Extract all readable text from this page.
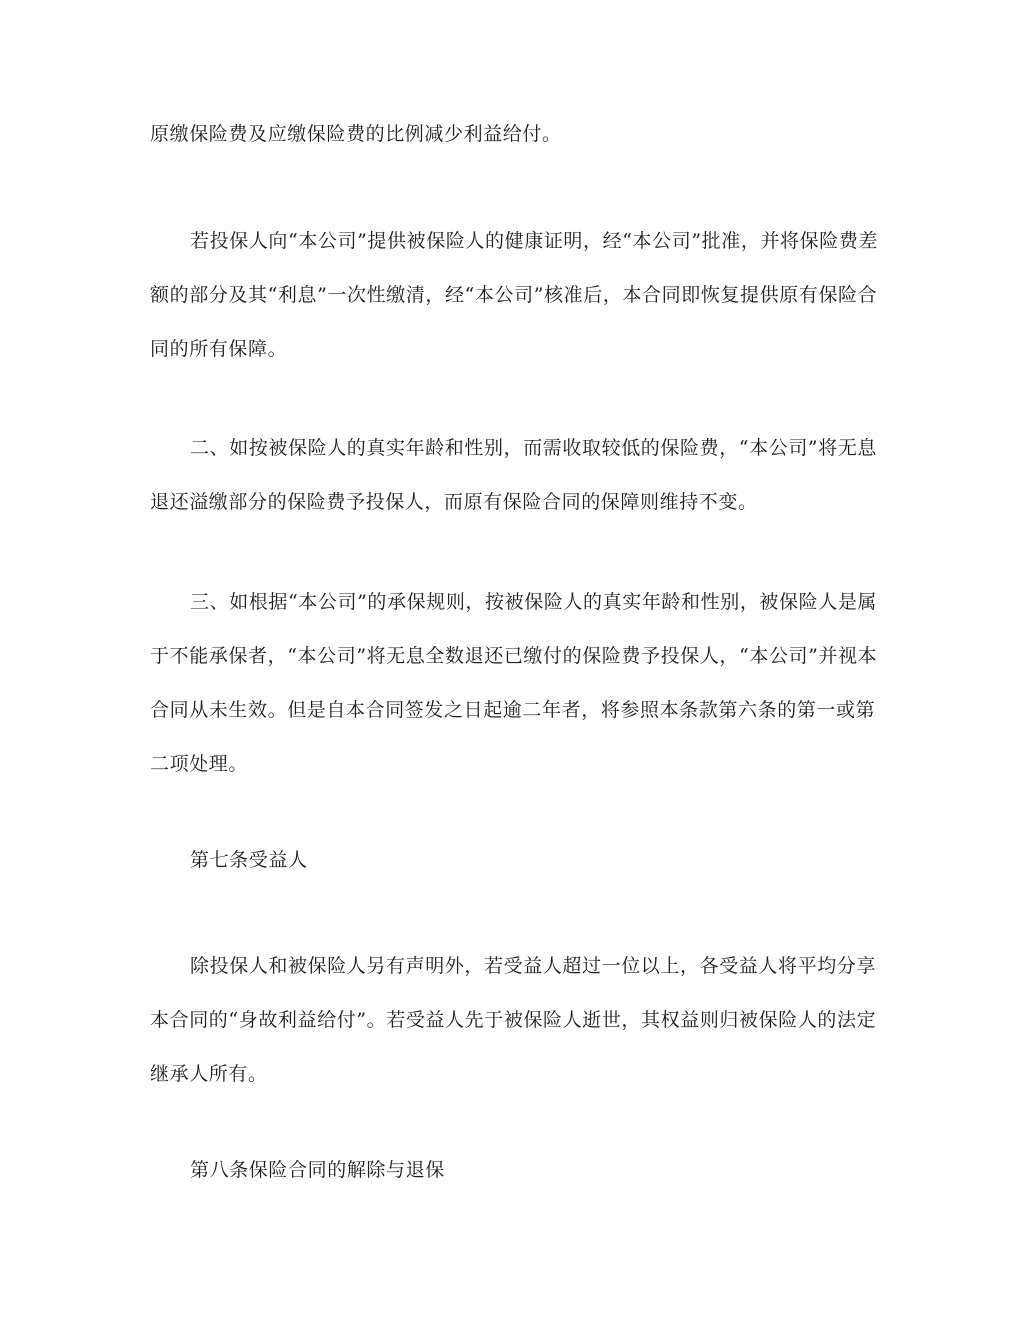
原缴保险费及应缴保险费的比例减少利益给付。

若投保人向“本公司”提供被保险人的健康证明，经“本公司”批准，并将保险费差额的部分及其“利息”一次性缴清，经“本公司”核准后，本合同即恢复提供原有保险合同的所有保障。

二、如按被保险人的真实年龄和性别，而需收取较低的保险费，“本公司”将无息退还溢缴部分的保险费予投保人，而原有保险合同的保障则维持不变。

三、如根据“本公司”的承保规则，按被保险人的真实年龄和性别，被保险人是属于不能承保者，“本公司”将无息全数退还已缴付的保险费予投保人，“本公司”并视本合同从未生效。但是自本合同签发之日起逾二年者，将参照本条款第六条的第一或第二项处理。

第七条受益人

除投保人和被保险人另有声明外，若受益人超过一位以上，各受益人将平均分享本合同的“身故利益给付”。若受益人先于被保险人逝世，其权益则归被保险人的法定继承人所有。

第八条保险合同的解除与退保
